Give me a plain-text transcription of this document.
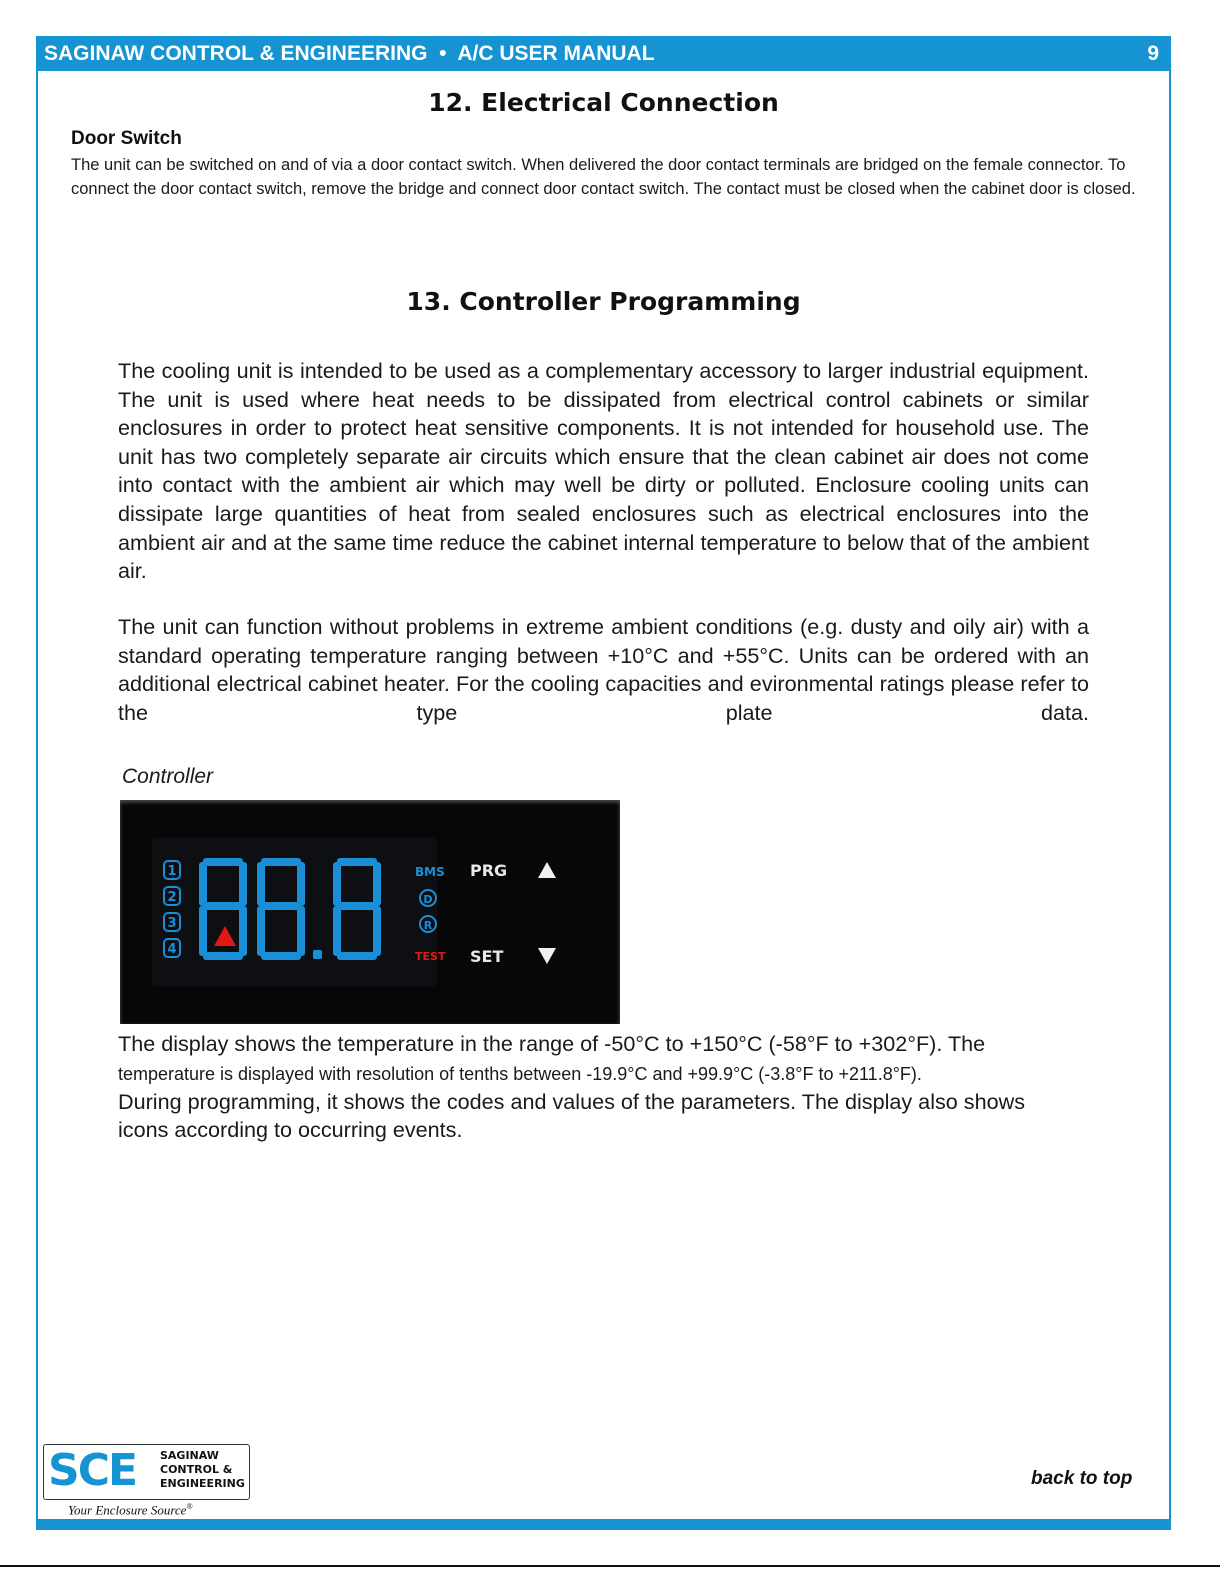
SAGINAW CONTROL & ENGINEERING  •  A/C USER MANUAL	9
12. Electrical Connection
Door Switch

The unit can be switched on and of via a door contact switch. When delivered the door contact terminals are bridged on the female connector. To connect the door contact switch, remove the bridge and connect door contact switch. The contact must be closed when the cabinet door is closed.

13. Controller Programming

The cooling unit is intended to be used as a complementary accessory to larger industrial equipment. The unit is used where heat needs to be dissipated from electrical control cabinets or similar enclosures in order to protect heat sensitive components. It is not intended for household use. The unit has two completely separate air circuits which ensure that the clean cabinet air does not come into contact with the ambient air which may well be dirty or polluted. Enclosure cooling units can dissipate large quantities of heat from sealed enclosures such as electrical enclosures into the ambient air and at the same time reduce the cabinet internal temperature to below that of the ambient air.

The unit can function without problems in extreme ambient conditions (e.g. dusty and oily air) with a standard operating temperature ranging between +10°C and +55°C. Units can be ordered with an additional electrical cabinet heater. For the cooling capacities and evironmental ratings please refer to the type plate data.

Controller
1
2
3
4
BMS
D
R
TEST
PRG
SET
The display shows the temperature in the range of -50°C to +150°C (-58°F to +302°F). The
temperature is displayed with resolution of tenths between -19.9°C and +99.9°C (-3.8°F to +211.8°F).
During programming, it shows the codes and values of the parameters. The display also shows icons according to occurring events.
SCE SAGINAW
CONTROL &
ENGINEERING
Your Enclosure Source®
back to top
